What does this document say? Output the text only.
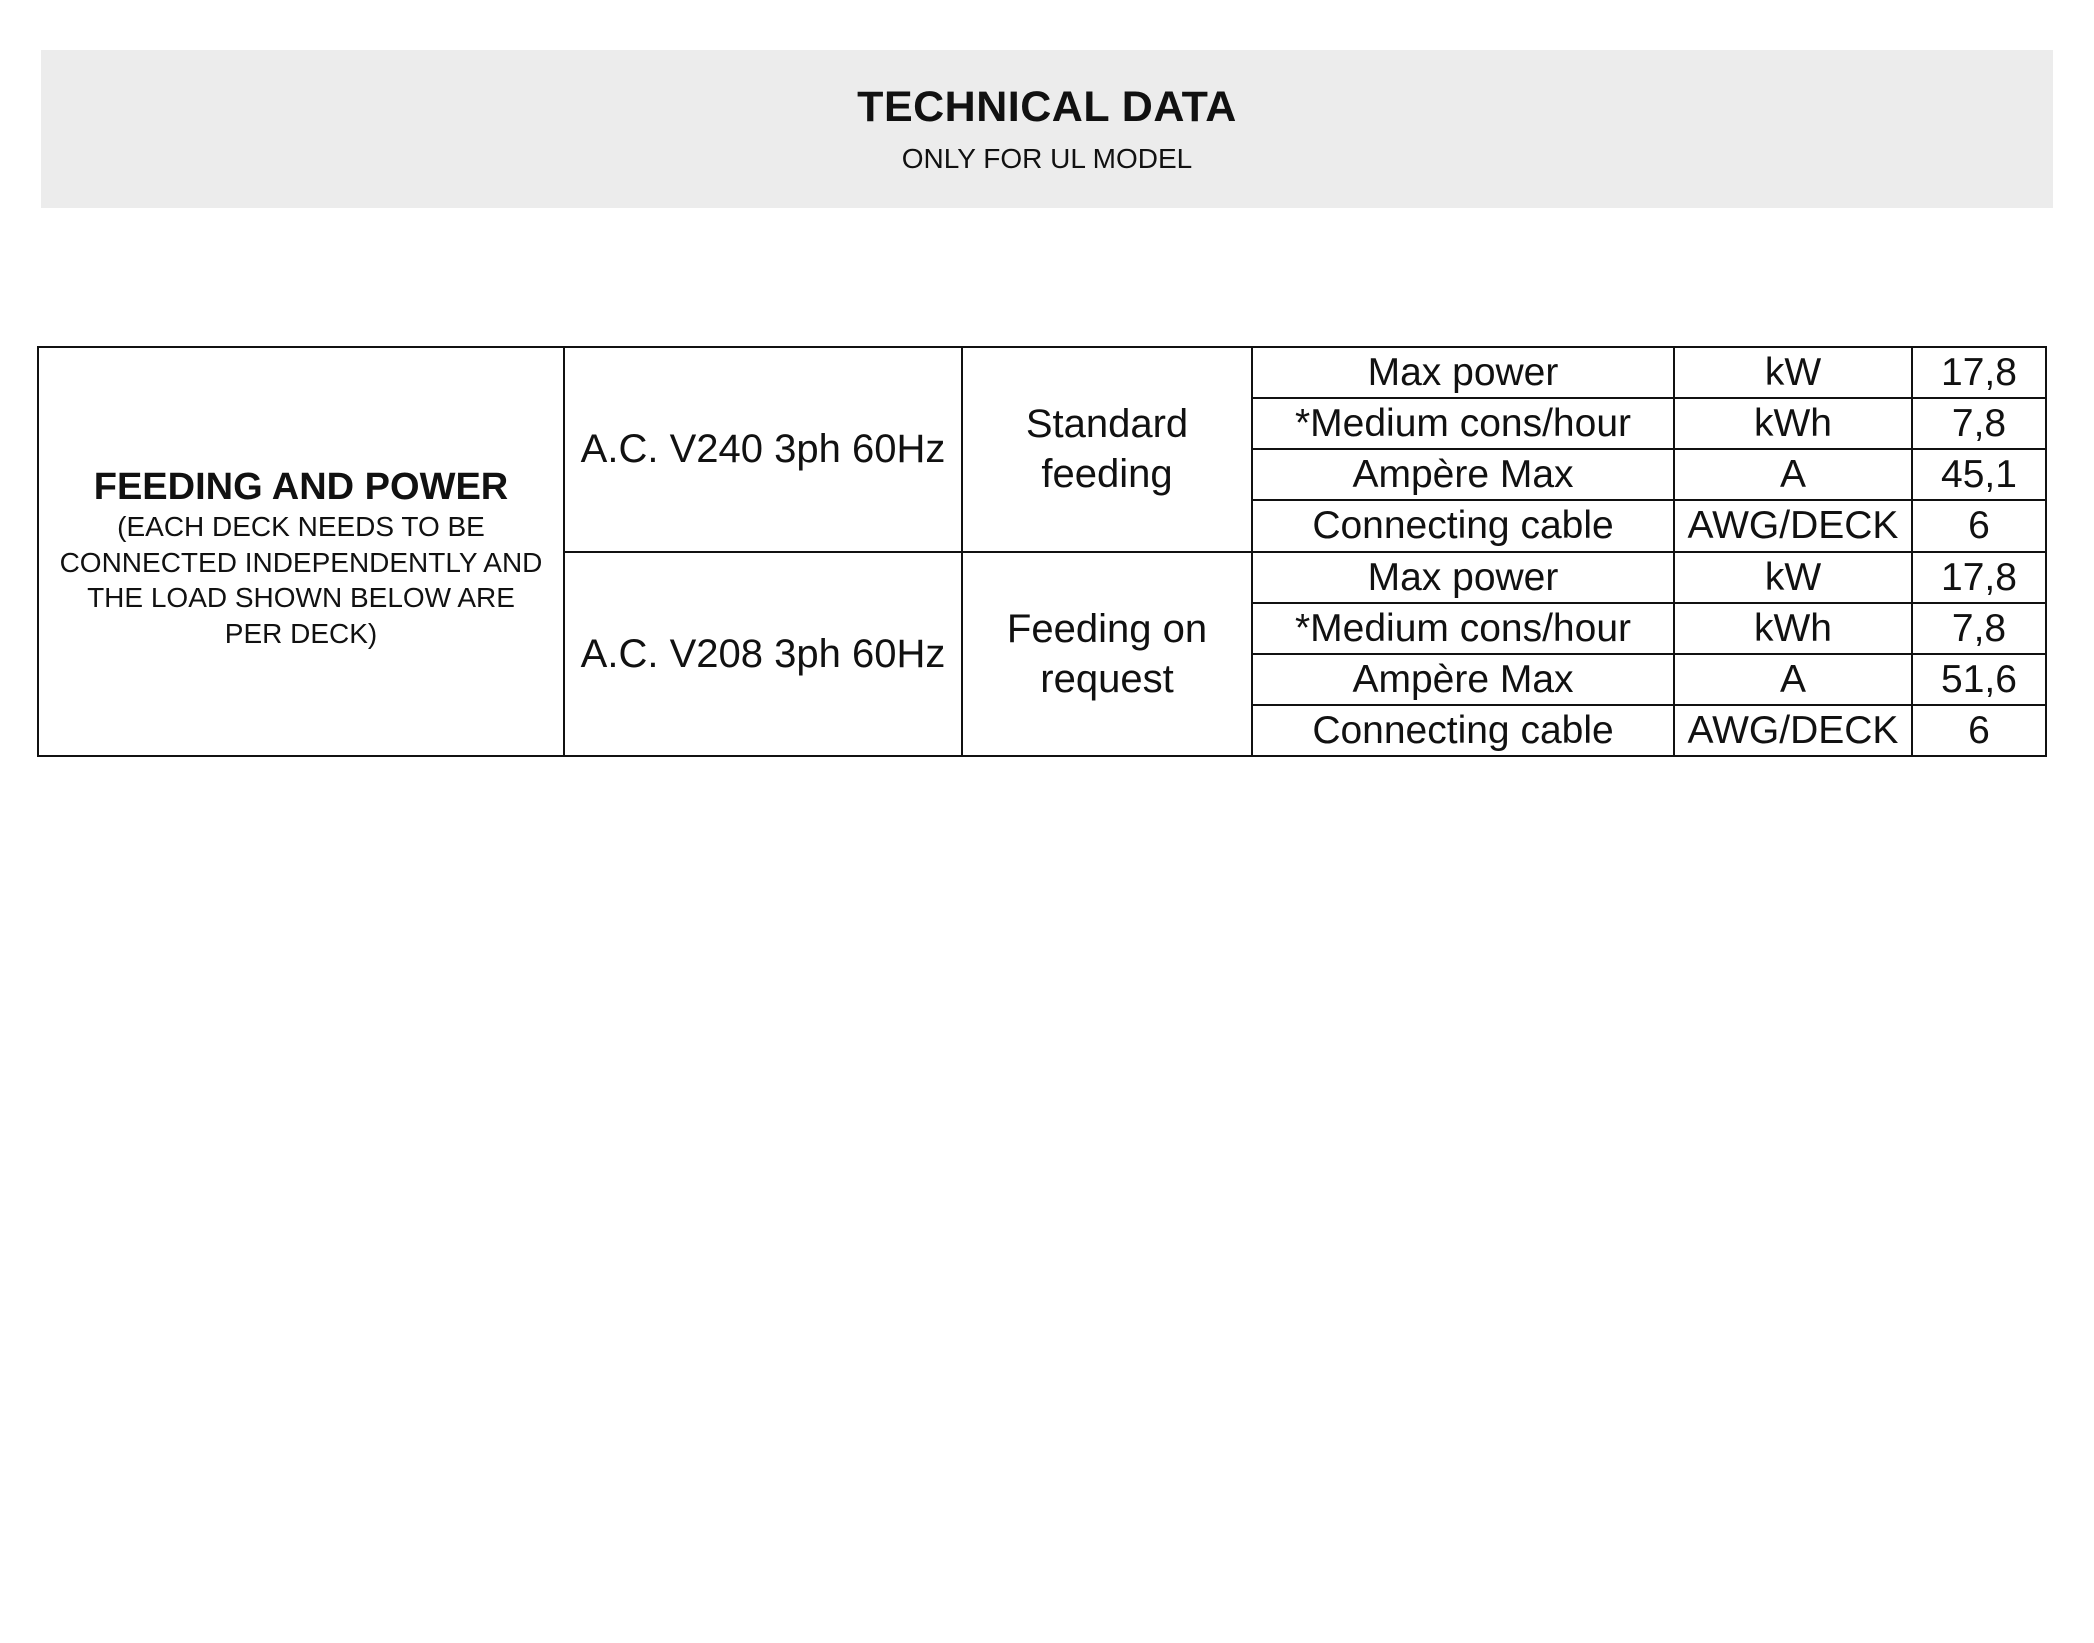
TECHNICAL DATA
ONLY FOR UL MODEL
FEEDING AND POWER
(EACH DECK NEEDS TO BE CONNECTED INDEPENDENTLY AND THE LOAD SHOWN BELOW ARE PER DECK)	A.C. V240 3ph 60Hz	Standard feeding	Max power	kW	17,8
			*Medium cons/hour	kWh	7,8
			Ampère Max	A	45,1
			Connecting cable	AWG/DECK	6
	A.C. V208 3ph 60Hz	Feeding on request	Max power	kW	17,8
			*Medium cons/hour	kWh	7,8
			Ampère Max	A	51,6
			Connecting cable	AWG/DECK	6
